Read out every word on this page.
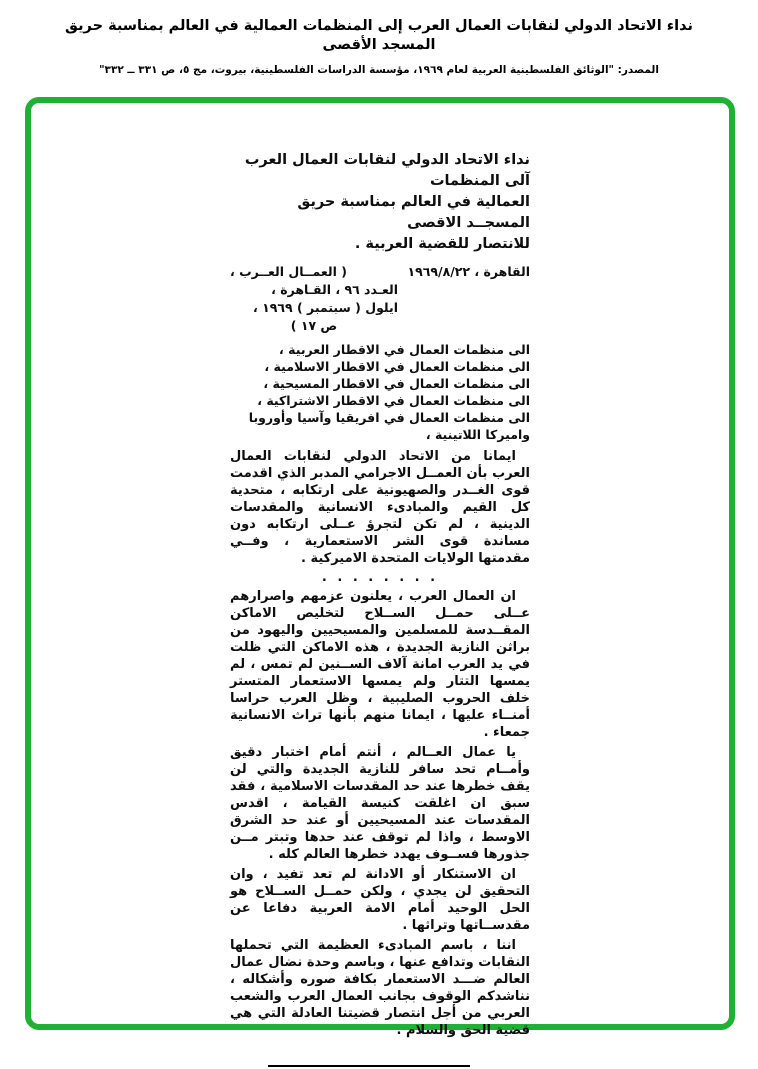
نداء الاتحاد الدولي لنقابات العمال العرب إلى المنظمات العمالية في العالم بمناسبة حريق المسجد الأقصى
المصدر: "الوثائق الفلسطينية العربية لعام ١٩٦٩، مؤسسة الدراسات الفلسطينية، بيروت، مج ٥، ص ٣٣١ ــ ٣٣٢"
نداء الاتحاد الدولي لنقابات العمال العرب آلى المنظمات
العمالية في العالم بمناسبة حريق المسجــد الاقصى
للانتصار للقضية العربية .
القاهرة ، ١٩٦٩/٨/٢٢
( العمــال العــرب ،
العـدد ٩٦ ، القـاهرة ،
ايلول ( سبتمبر ) ١٩٦٩ ،
ص ١٧ )
الى منظمات العمال في الاقطار العربية ،
الى منظمات العمال في الاقطار الاسلامية ،
الى منظمات العمال في الاقطار المسيحية ،
الى منظمات العمال في الاقطار الاشتراكية ،
الى منظمات العمال في افريقيا وآسيا وأوروبا واميركا اللاتينية ،

ايمانا من الاتحاد الدولي لنقابات العمال العرب بأن العمــل الاجرامي المدبر الذي اقدمت قوى الغــدر والصهيونية على ارتكابه ، متحدية كل القيم والمبادىء الانسانية والمقدسات الدينية ، لم تكن لتجرؤ عــلى ارتكابه دون مساندة قوى الشر الاستعمارية ، وفــي مقدمتها الولايات المتحدة الاميركية .

. . . . . . . .

ان العمال العرب ، يعلنون عزمهم واصرارهم عــلى حمــل الســلاح لتخليص الاماكن المقــدسة للمسلمين والمسيحيين واليهود من براثن النازية الجديدة ، هذه الاماكن التي ظلت في يد العرب امانة آلاف الســنين لم تمس ، لم يمسها التتار ولم يمسها الاستعمار المتستر خلف الحروب الصليبية ، وظل العرب حراسا أمنــاء عليها ، ايمانا منهم بأنها تراث الانسانية جمعاء .

يا عمال العــالم ، أنتم أمام اختبار دقيق وأمــام تحد سافر للنازية الجديدة والتي لن يقف خطرها عند حد المقدسات الاسلامية ، فقد سبق ان اغلقت كنيسة القيامة ، اقدس المقدسات عند المسيحيين أو عند حد الشرق الاوسط ، واذا لم توقف عند حدها وتبتر مــن جذورها فســوف يهدد خطرها العالم كله .

ان الاستنكار أو الادانة لم تعد تفيد ، وان التحقيق لن يجدي ، ولكن حمــل الســلاح هو الحل الوحيد أمام الامة العربية دفاعا عن مقدســاتها وتراثها .

اننا ، باسم المبادىء العظيمة التي تحملها النقابات وتدافع عنها ، وباسم وحدة نضال عمال العالم ضـــد الاستعمار بكافة صوره وأشكاله ، نناشدكم الوقوف بجانب العمال العرب والشعب العربي من أجل انتصار قضيتنا العادلة التي هي قضية الحق والسلام .
